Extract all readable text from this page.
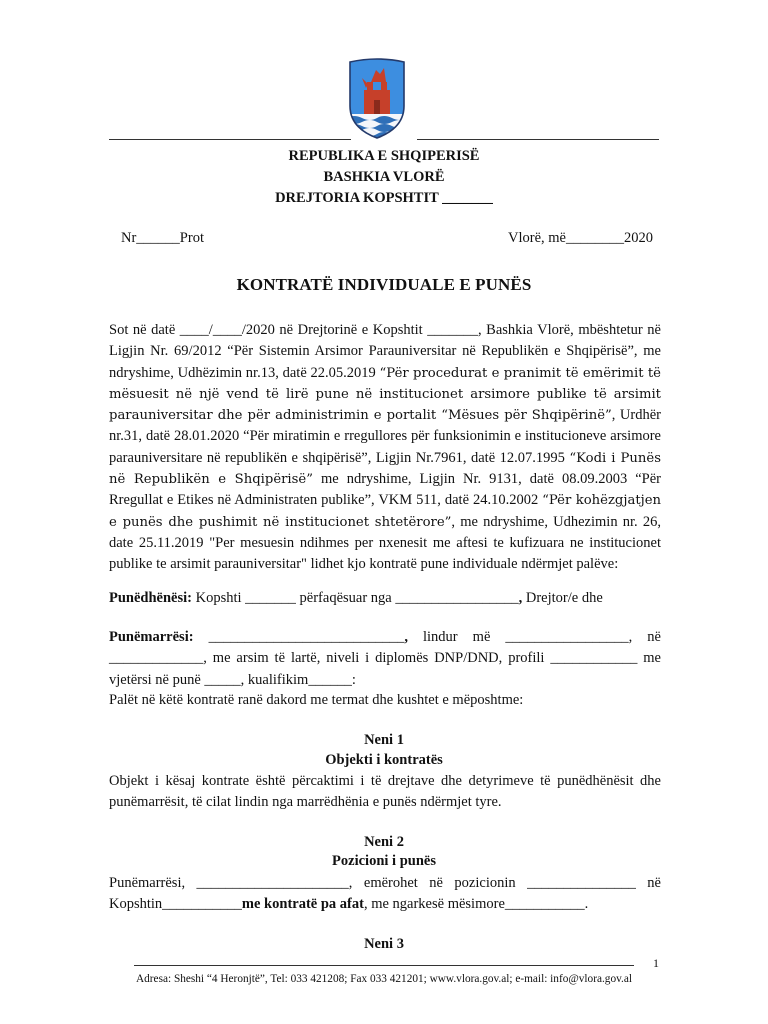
REPUBLIKA E SHQIPERISË
BASHKIA VLORË
DREJTORIA KOPSHTIT _______
Nr______Prot	Vlorë, më________2020
KONTRATË INDIVIDUALE E PUNËS
Sot në datë ____/____/2020 në Drejtorinë e Kopshtit _______, Bashkia Vlorë, mbështetur në Ligjin Nr. 69/2012 “Për Sistemin Arsimor Parauniversitar në Republikën e Shqipërisë”, me ndryshime, Udhëzimin nr.13, datë 22.05.2019 “Për procedurat e pranimit të emërimit të mësuesit në një vend të lirë pune në institucionet arsimore publike të arsimit parauniversitar dhe për administrimin e portalit “Mësues për Shqipërinë”, Urdhër nr.31, datë 28.01.2020 “Për miratimin e rregullores për funksionimin e institucioneve arsimore parauniversitare në republikën e shqipërisë”, Ligjin Nr.7961, datë 12.07.1995 “Kodi i Punës në Republikën e Shqipërisë” me ndryshime, Ligjin Nr. 9131, datë 08.09.2003 “Për Rregullat e Etikes në Administraten publike”, VKM 511, datë 24.10.2002 “Për kohëzgjatjen e punës dhe pushimit në institucionet shtetërore”, me ndryshime, Udhezimin nr. 26, date 25.11.2019 "Per mesuesin ndihmes per nxenesit me aftesi te kufizuara ne institucionet publike te arsimit parauniversitar" lidhet kjo kontratë pune individuale ndërmjet palëve:
Punëdhënësi: Kopshti _______ përfaqësuar nga _________________, Drejtor/e dhe
Punëmarrësi: ___________________________, lindur më _________________, në _____________, me arsim të lartë, niveli i diplomës DNP/DND, profili ____________ me vjetërsi në punë _____, kualifikim______:
Palët në këtë kontratë ranë dakord me termat dhe kushtet e mëposhtme:
Neni 1
Objekti i kontratës
Objekt i kësaj kontrate është përcaktimi i të drejtave dhe detyrimeve të punëdhënësit dhe punëmarrësit, të cilat lindin nga marrëdhënia e punës ndërmjet tyre.
Neni 2
Pozicioni i punës
Punëmarrësi, _____________________, emërohet në pozicionin _______________ në Kopshtin___________me kontratë pa afat, me ngarkesë mësimore___________.
Neni 3
1
Adresa: Sheshi “4 Heronjtë”, Tel: 033 421208; Fax 033 421201; www.vlora.gov.al; e-mail: info@vlora.gov.al
